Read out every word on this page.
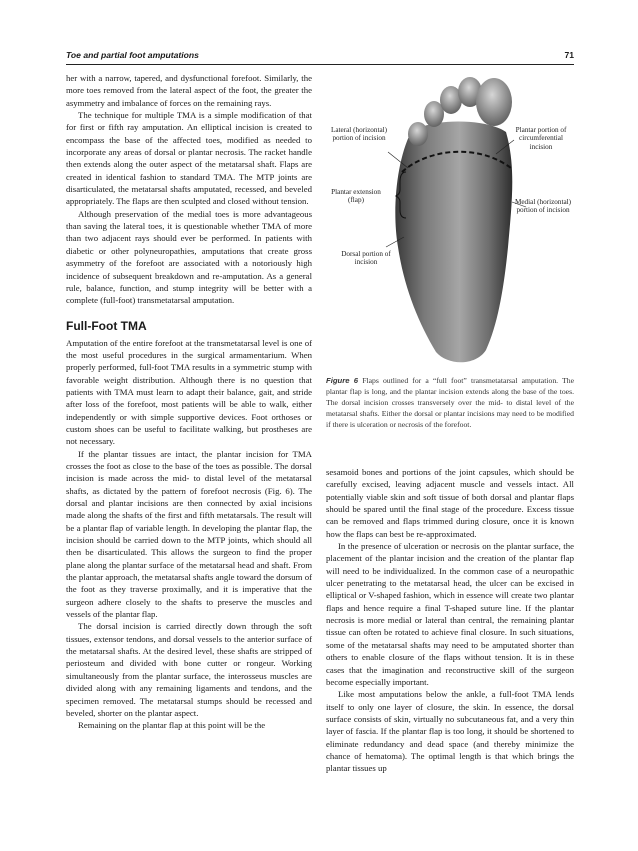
Toe and partial foot amputations	71

her with a narrow, tapered, and dysfunctional forefoot. Similarly, the more toes removed from the lateral aspect of the foot, the greater the asymmetry and imbalance of forces on the remaining rays.

The technique for multiple TMA is a simple modification of that for first or fifth ray amputation. An elliptical incision is created to encompass the base of the affected toes, modified as needed to incorporate any areas of dorsal or plantar necrosis. The racket handle then extends along the outer aspect of the metatarsal shaft. Flaps are created in identical fashion to standard TMA. The MTP joints are disarticulated, the metatarsal shafts amputated, recessed, and beveled appropriately. The flaps are then sculpted and closed without tension.

Although preservation of the medial toes is more advantageous than saving the lateral toes, it is questionable whether TMA of more than two adjacent rays should ever be performed. In patients with diabetic or other polyneuropathies, amputations that create gross asymmetry of the forefoot are associated with a notoriously high incidence of subsequent breakdown and re-amputation. As a general rule, balance, function, and stump integrity will be better with a complete (full-foot) transmetatarsal amputation.

Full-Foot TMA

Amputation of the entire forefoot at the transmetatarsal level is one of the most useful procedures in the surgical armamentarium. When properly performed, full-foot TMA results in a symmetric stump with favorable weight distribution. Although there is no question that patients with TMA must learn to adapt their balance, gait, and stride after loss of the forefoot, most patients will be able to walk, either independently or with simple supportive devices. Foot orthoses or custom shoes can be useful to facilitate walking, but prostheses are not necessary.

If the plantar tissues are intact, the plantar incision for TMA crosses the foot as close to the base of the toes as possible. The dorsal incision is made across the mid- to distal level of the metatarsal shafts, as dictated by the pattern of forefoot necrosis (Fig. 6). The dorsal and plantar incisions are then connected by axial incisions made along the shafts of the first and fifth metatarsals. The result will be a plantar flap of variable length. In developing the plantar flap, the incision should be carried down to the MTP joints, which should all then be disarticulated. This allows the surgeon to find the proper plane along the plantar surface of the metatarsal head and shaft. From the plantar approach, the metatarsal shafts angle toward the dorsum of the foot as they traverse proximally, and it is imperative that the surgeon adhere closely to the shafts to preserve the muscles and vessels of the plantar flap.

The dorsal incision is carried directly down through the soft tissues, extensor tendons, and dorsal vessels to the anterior surface of the metatarsal shafts. At the desired level, these shafts are stripped of periosteum and divided with bone cutter or rongeur. Working simultaneously from the plantar surface, the interosseus muscles are divided along with any remaining ligaments and tendons, and the specimen removed. The metatarsal stumps should be recessed and beveled, shorter on the plantar aspect.

Remaining on the plantar flap at this point will be the

Lateral (horizontal) portion of incision
Plantar portion of circumferential incision
Plantar extension (flap)	Medial (horizontal) portion of incision
Dorsal portion of incision
Figure 6 Flaps outlined for a “full foot” transmetatarsal amputation. The plantar flap is long, and the plantar incision extends along the base of the toes. The dorsal incision crosses transversely over the mid- to distal level of the metatarsal shafts. Either the dorsal or plantar incisions may need to be modified if there is ulceration or necrosis of the forefoot.

sesamoid bones and portions of the joint capsules, which should be carefully excised, leaving adjacent muscle and vessels intact. All potentially viable skin and soft tissue of both dorsal and plantar flaps should be spared until the final stage of the procedure. Excess tissue can be removed and flaps trimmed during closure, once it is known how the flaps can best be re-approximated.

In the presence of ulceration or necrosis on the plantar surface, the placement of the plantar incision and the creation of the plantar flap will need to be individualized. In the common case of a neuropathic ulcer penetrating to the metatarsal head, the ulcer can be excised in elliptical or V-shaped fashion, which in essence will create two plantar flaps and hence require a final T-shaped suture line. If the plantar necrosis is more medial or lateral than central, the remaining plantar tissue can often be rotated to achieve final closure. In such situations, some of the metatarsal shafts may need to be amputated shorter than others to enable closure of the flaps without tension. It is in these cases that the imagination and reconstructive skill of the surgeon become especially important.

Like most amputations below the ankle, a full-foot TMA lends itself to only one layer of closure, the skin. In essence, the dorsal surface consists of skin, virtually no subcutaneous fat, and a very thin layer of fascia. If the plantar flap is too long, it should be shortened to eliminate redundancy and dead space (and thereby minimize the chance of hematoma). The optimal length is that which brings the plantar tissues up
